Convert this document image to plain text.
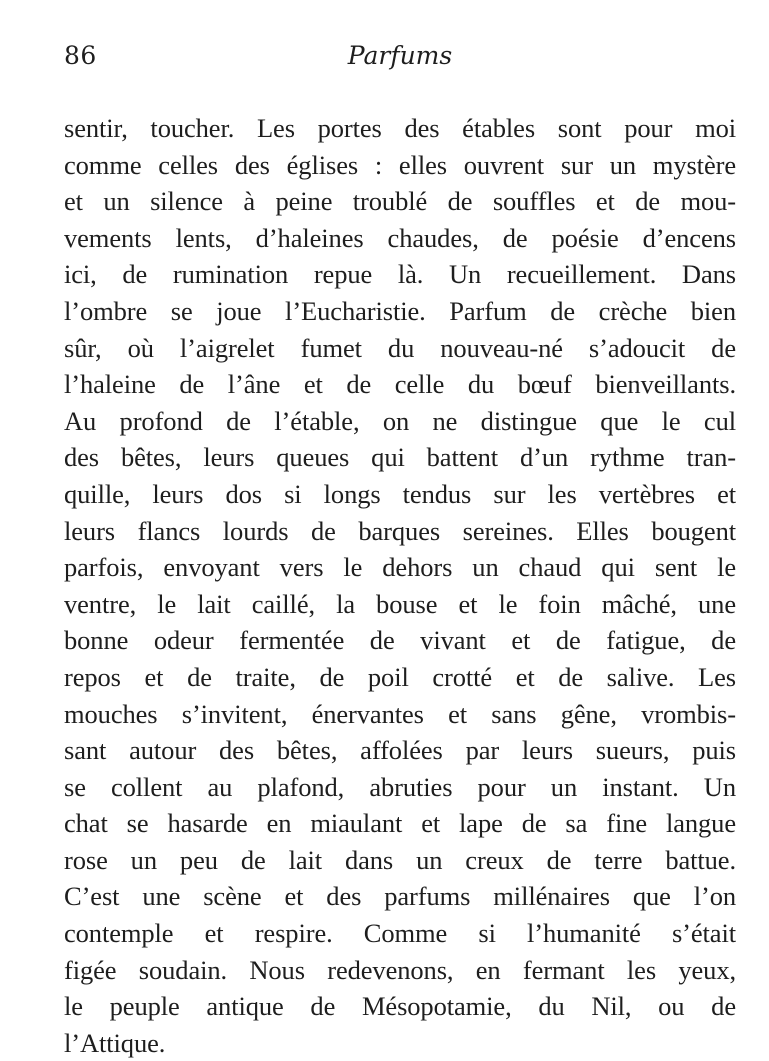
86	Parfums
sentir, toucher. Les portes des étables sont pour moi
comme celles des églises : elles ouvrent sur un mystère
et un silence à peine troublé de souffles et de mou-
vements lents, d’haleines chaudes, de poésie d’encens
ici, de rumination repue là. Un recueillement. Dans
l’ombre se joue l’Eucharistie. Parfum de crèche bien
sûr, où l’aigrelet fumet du nouveau-né s’adoucit de
l’haleine de l’âne et de celle du bœuf bienveillants.
Au profond de l’étable, on ne distingue que le cul
des bêtes, leurs queues qui battent d’un rythme tran-
quille, leurs dos si longs tendus sur les vertèbres et
leurs flancs lourds de barques sereines. Elles bougent
parfois, envoyant vers le dehors un chaud qui sent le
ventre, le lait caillé, la bouse et le foin mâché, une
bonne odeur fermentée de vivant et de fatigue, de
repos et de traite, de poil crotté et de salive. Les
mouches s’invitent, énervantes et sans gêne, vrombis-
sant autour des bêtes, affolées par leurs sueurs, puis
se collent au plafond, abruties pour un instant. Un
chat se hasarde en miaulant et lape de sa fine langue
rose un peu de lait dans un creux de terre battue.
C’est une scène et des parfums millénaires que l’on
contemple et respire. Comme si l’humanité s’était
figée soudain. Nous redevenons, en fermant les yeux,
le peuple antique de Mésopotamie, du Nil, ou de
l’Attique.
